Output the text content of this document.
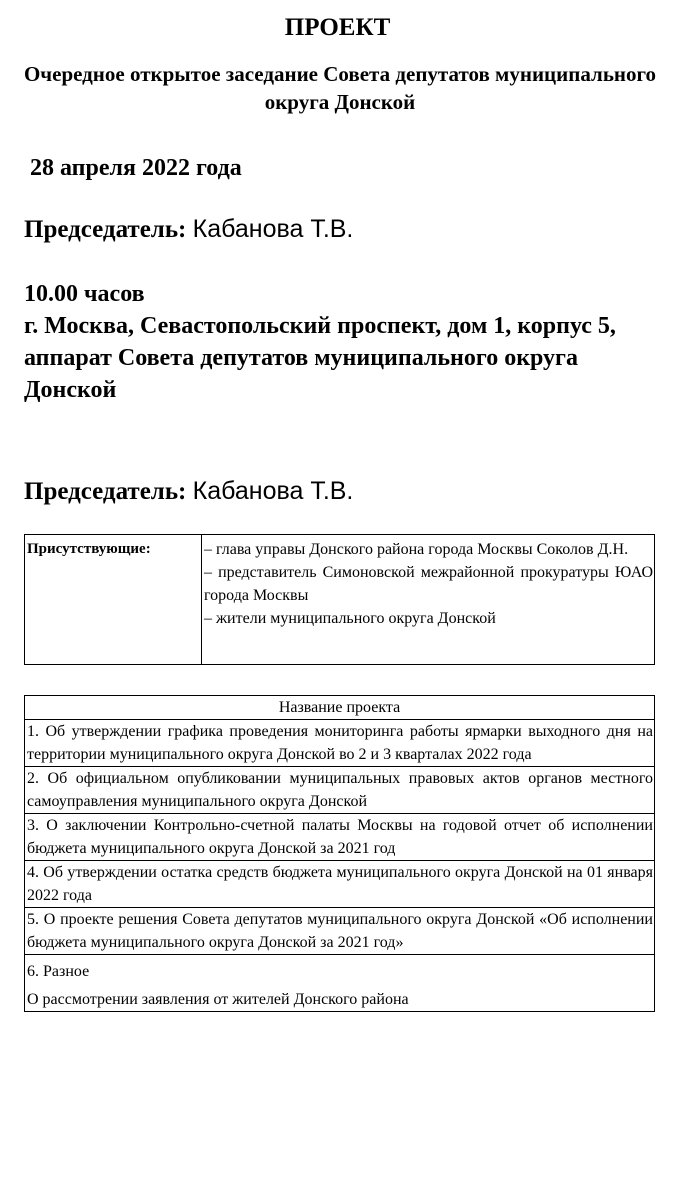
ПРОЕКТ
Очередное открытое заседание Совета депутатов муниципального округа Донской
28 апреля 2022 года
Председатель: Кабанова Т.В.
10.00 часов
г. Москва, Севастопольский проспект, дом 1, корпус 5,
аппарат Совета депутатов муниципального округа Донской
Председатель: Кабанова Т.В.
Присутствующие:	– глава управы Донского района города Москвы Соколов Д.Н.
– представитель Симоновской межрайонной прокуратуры ЮАО города Москвы
– жители муниципального округа Донской
Название проекта
1. Об утверждении графика проведения мониторинга работы ярмарки выходного дня на территории муниципального округа Донской во 2 и 3 кварталах 2022 года
2. Об официальном опубликовании муниципальных правовых актов органов местного самоуправления муниципального округа Донской
3. О заключении Контрольно-счетной палаты Москвы на годовой отчет об исполнении бюджета муниципального округа Донской за 2021 год
4. Об утверждении остатка средств бюджета муниципального округа Донской на 01 января 2022 года
5. О проекте решения Совета депутатов муниципального округа Донской «Об исполнении бюджета муниципального округа Донской за 2021 год»
6. Разное
О рассмотрении заявления от жителей Донского района
